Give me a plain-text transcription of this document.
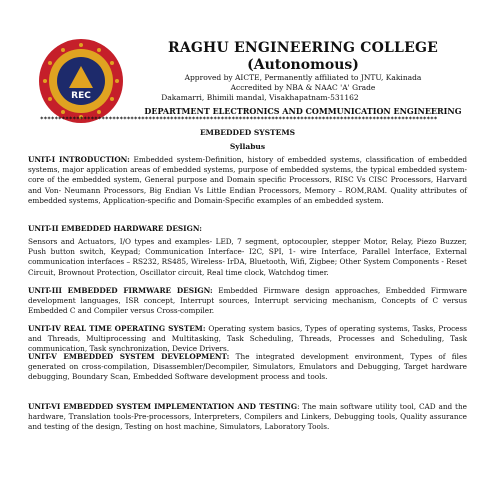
REC
RAGHU ENGINEERING COLLEGE
(Autonomous)
Approved by AICTE, Permanently affiliated to JNTU, Kakinada
Accredited by NBA & NAAC 'A' Grade
Dakamarri, Bhimili mandal, Visakhapatnam-531162
DEPARTMENT ELECTRONICS AND COMMUNICATION ENGINEERING
**************************************************************************************************************
EMBEDDED SYSTEMS
Syllabus
UNIT-I INTRODUCTION: Embedded system-Definition, history of embedded systems, classification of embedded systems, major application areas of embedded systems, purpose of embedded systems, the typical embedded system-core of the embedded system, General purpose and Domain specific Processors, RISC Vs CISC Processors, Harvard and Von- Neumann Processors, Big Endian Vs Little Endian Processors, Memory – ROM,RAM. Quality attributes of embedded systems, Application-specific and Domain-Specific examples of an embedded system.
UNIT-II EMBEDDED HARDWARE DESIGN:
Sensors and Actuators, I/O types and examples- LED, 7 segment, optocoupler, stepper Motor, Relay, Piezo Buzzer, Push button switch, Keypad; Communication Interface- I2C, SPI, 1- wire Interface, Parallel Interface, External communication interfaces – RS232, RS485, Wireless- IrDA, Bluetooth, Wifi, Zigbee; Other System Components - Reset Circuit, Brownout Protection, Oscillator circuit, Real time clock, Watchdog timer.
UNIT-III EMBEDDED FIRMWARE DESIGN: Embedded Firmware design approaches, Embedded Firmware development languages, ISR concept, Interrupt sources, Interrupt servicing mechanism, Concepts of C versus Embedded C and Compiler versus Cross-compiler.
UNIT-IV REAL TIME OPERATING SYSTEM: Operating system basics, Types of operating systems, Tasks, Process and Threads, Multiprocessing and Multitasking, Task Scheduling, Threads, Processes and Scheduling, Task communication, Task synchronization, Device Drivers.
UNIT-V EMBEDDED SYSTEM DEVELOPMENT: The integrated development environment, Types of files generated on cross-compilation, Disassembler/Decompiler, Simulators, Emulators and Debugging, Target hardware debugging, Boundary Scan, Embedded Software development process and tools.
UNIT-VI EMBEDDED SYSTEM IMPLEMENTATION AND TESTING: The main software utility tool, CAD and the hardware, Translation tools-Pre-processors, Interpreters, Compilers and Linkers, Debugging tools, Quality assurance and testing of the design, Testing on host machine, Simulators, Laboratory Tools.
